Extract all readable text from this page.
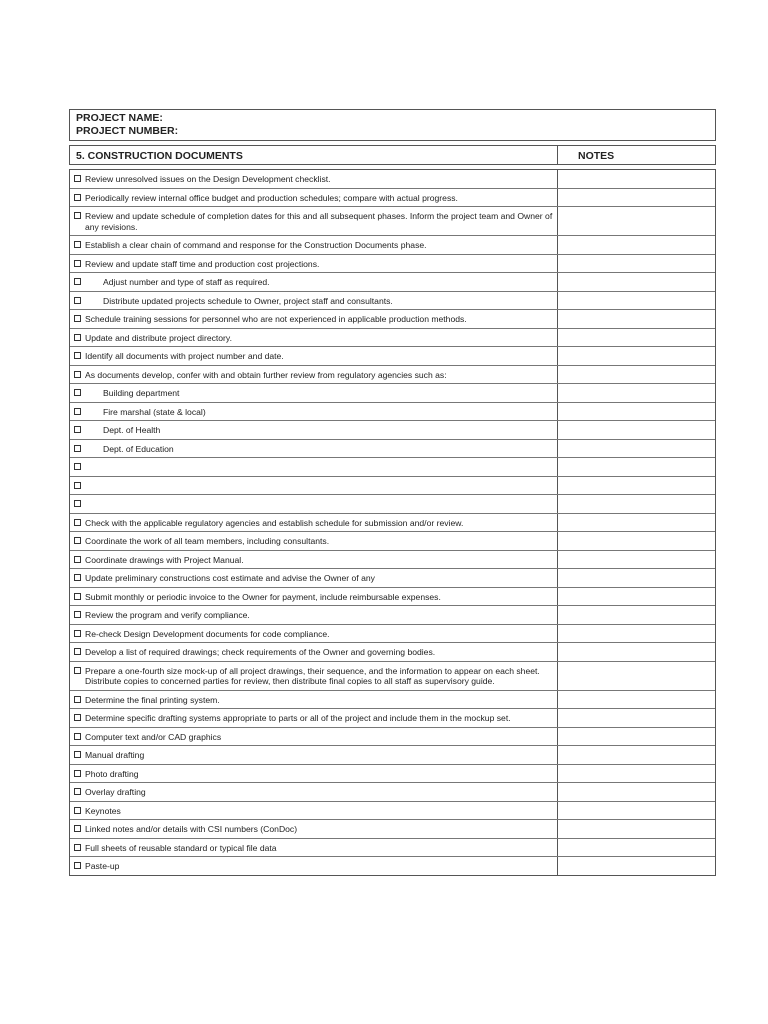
PROJECT NAME:
PROJECT NUMBER:
5. CONSTRUCTION DOCUMENTS	NOTES
Review unresolved issues on the Design Development checklist.
Periodically review internal office budget and production schedules; compare with actual progress.
Review and update schedule of completion dates for this and all subsequent phases. Inform the project team and Owner of any revisions.
Establish a clear chain of command and response for the Construction Documents phase.
Review and update staff time and production cost projections.
Adjust number and type of staff as required.
Distribute updated projects schedule to Owner, project staff and consultants.
Schedule training sessions for personnel who are not experienced in applicable production methods.
Update and distribute project directory.
Identify all documents with project number and date.
As documents develop, confer with and obtain further review from regulatory agencies such as:
Building department
Fire marshal (state & local)
Dept. of Health
Dept. of Education

Check with the applicable regulatory agencies and establish schedule for submission and/or review.
Coordinate the work of all team members, including consultants.
Coordinate drawings with Project Manual.
Update preliminary constructions cost estimate and advise the Owner of any
Submit monthly or periodic invoice to the Owner for payment, include reimbursable expenses.
Review the program and verify compliance.
Re-check Design Development documents for code compliance.
Develop a list of required drawings; check requirements of the Owner and governing bodies.
Prepare a one-fourth size mock-up of all project drawings, their sequence, and the information to appear on each sheet. Distribute copies to concerned parties for review, then distribute final copies to all staff as supervisory guide.
Determine the final printing system.
Determine specific drafting systems appropriate to parts or all of the project and include them in the mockup set.
Computer text and/or CAD graphics
Manual drafting
Photo drafting
Overlay drafting
Keynotes
Linked notes and/or details with CSI numbers (ConDoc)
Full sheets of reusable standard or typical file data
Paste-up
